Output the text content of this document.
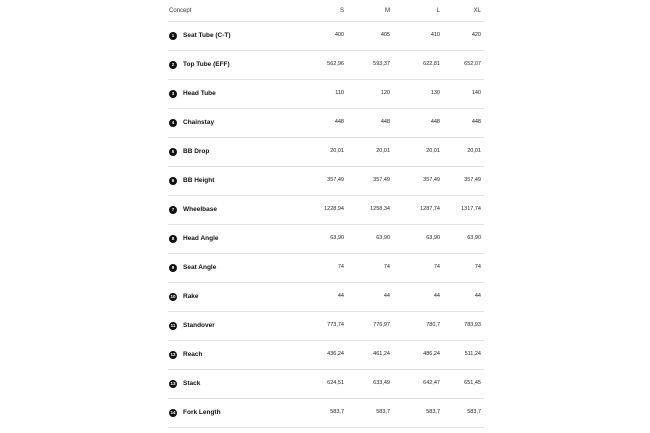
Concept	S	M	L	XL
1	Seat Tube (C-T)	400	405	410	420
2	Top Tube (EFF)	562,96	593,37	622,81	652,07
3	Head Tube	110	120	130	140
4	Chainstay	448	448	448	448
5	BB Drop	20,01	20,01	20,01	20,01
6	BB Height	357,49	357,49	357,49	357,49
7	Wheelbase	1228,94	1258,34	1287,74	1317,74
8	Head Angle	63,90	63,90	63,90	63,90
9	Seat Angle	74	74	74	74
10 Rake	44	44	44	44
11 Standover	773,74	776,97	780,7	783,93
12 Reach	436,24	461,24	486,24	511,24
13 Stack	624,51	633,49	642,47	651,45
14 Fork Length	583,7	583,7	583,7	583,7
